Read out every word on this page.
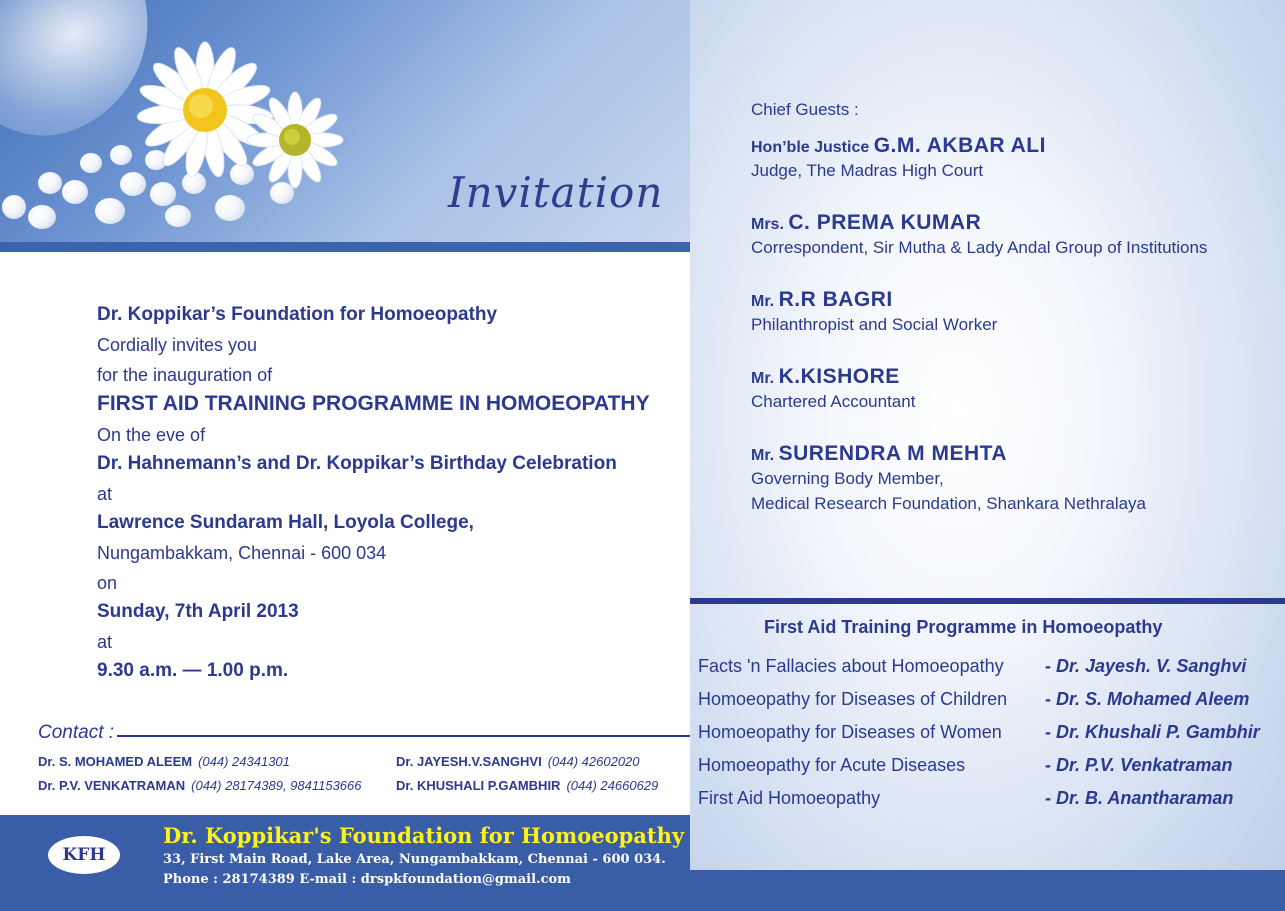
Invitation
Dr. Koppikar’s Foundation for Homoeopathy
Cordially invites you
for the inauguration of
FIRST AID TRAINING PROGRAMME IN HOMOEOPATHY
On the eve of
Dr. Hahnemann’s and Dr. Koppikar’s Birthday Celebration
at
Lawrence Sundaram Hall, Loyola College,
Nungambakkam, Chennai - 600 034
on
Sunday, 7th April 2013
at
9.30 a.m. — 1.00 p.m.
Contact :
Dr. S. MOHAMED ALEEM (044) 24341301	Dr. JAYESH.V.SANGHVI (044) 42602020
Dr. P.V. VENKATRAMAN (044) 28174389, 9841153666	Dr. KHUSHALI P.GAMBHIR (044) 24660629
KFH
Dr. Koppikar's Foundation for Homoeopathy
33, First Main Road, Lake Area, Nungambakkam, Chennai - 600 034.
Phone : 28174389 E-mail : drspkfoundation@gmail.com
Chief Guests :
Hon’ble Justice G.M. AKBAR ALI
Judge, The Madras High Court
Mrs. C. PREMA KUMAR
Correspondent, Sir Mutha & Lady Andal Group of Institutions
Mr. R.R BAGRI
Philanthropist and Social Worker
Mr. K.KISHORE
Chartered Accountant
Mr. SURENDRA M MEHTA
Governing Body Member,
Medical Research Foundation, Shankara Nethralaya
First Aid Training Programme in Homoeopathy
Facts 'n Fallacies about Homoeopathy - Dr. Jayesh. V. Sanghvi
Homoeopathy for Diseases of Children - Dr. S. Mohamed Aleem
Homoeopathy for Diseases of Women - Dr. Khushali P. Gambhir
Homoeopathy for Acute Diseases	- Dr. P.V. Venkatraman
First Aid Homoeopathy	- Dr. B. Anantharaman
